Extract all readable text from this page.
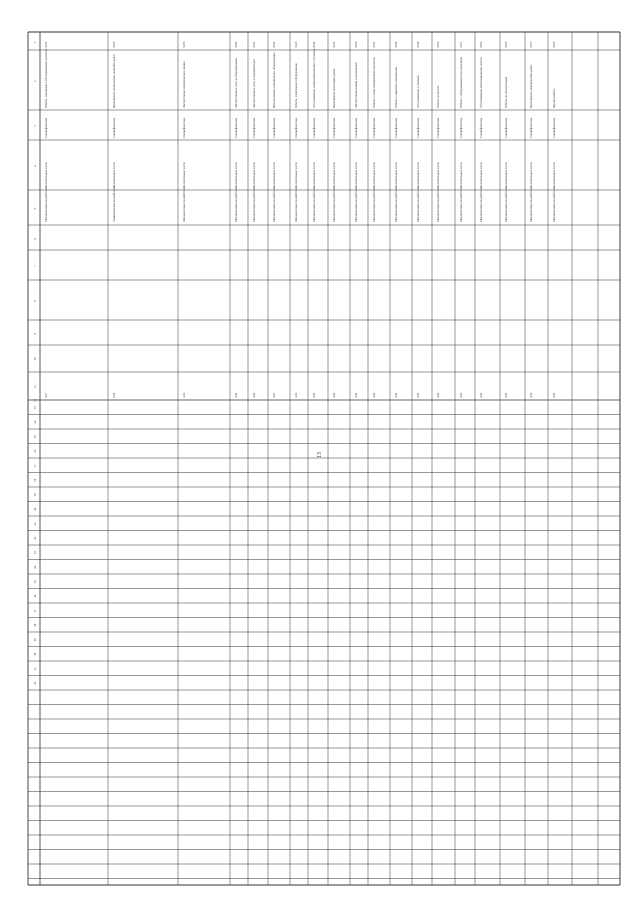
1
2
3
4
5
6
7
8
9
10
11
12
13
14
15
16
17
18
19
20
21
22
23
24
25
26
27
28
29
30
31
32
3134
Работы, связанные с обслуживанием дисплеев
Специфическая
Значительные части
Механические воздействия
3,67
3135
Выполнение технических записей и работ
Специфическая
Значительные части
Электрические воздействия
2,04
3136
Эксплуатация электрических машин
Специфическая
Значительные части
Механические воздействия
3,02
3140
Эксплуатация и уход за оборудованием
Специфическая
Значительные части
Механические воздействия
3,02
3141
Эксплуатация и уход за водопроводом
Специфическая
Значительные части
Механические воздействия
3,02
3142
Использование электродного оборудования
Специфическая
Значительные части
Механические воздействия
3,01
3143
Работы, электродное оборудование
Специфическая
Значительные части
Механические воздействия
3,02
3144
Обслуживание электротехнических установок
Специфическая
Значительные части
Механические воздействия
3,02
3145
Выполнение монтажных работ
Специфическая
Значительные части
Механические воздействия
3,02
3146
Эксплуатация машин и механизмов
Специфическая
Значительные части
Механические воздействия
3,02
3147
Работы в зонах повышенной опасности
Специфическая
Значительные части
Механические воздействия
3,02
3148
Работы в закрытых помещениях
Специфическая
Значительные части
Механические воздействия
3,02
3149
Обслуживание установок
Специфическая
Значительные части
Механические воздействия
3,02
3150
Работы на высоте
Специфическая
Значительные части
Механические воздействия
3,02
3151
Работы с оборудованием под давлением
Специфическая
Значительные части
Механические воздействия
3,02
3152
Обслуживание вентиляционных систем
Специфическая
Значительные части
Механические воздействия
3,02
3153
Работы по эксплуатации
Специфическая
Значительные части
Механические воздействия
3,02
3157
Выполнение электрических работ
Специфическая
Значительные части
Механические воздействия
3,02
3158
Прочие работы
Специфическая
Значительные части
Механические воздействия
3,02
13
